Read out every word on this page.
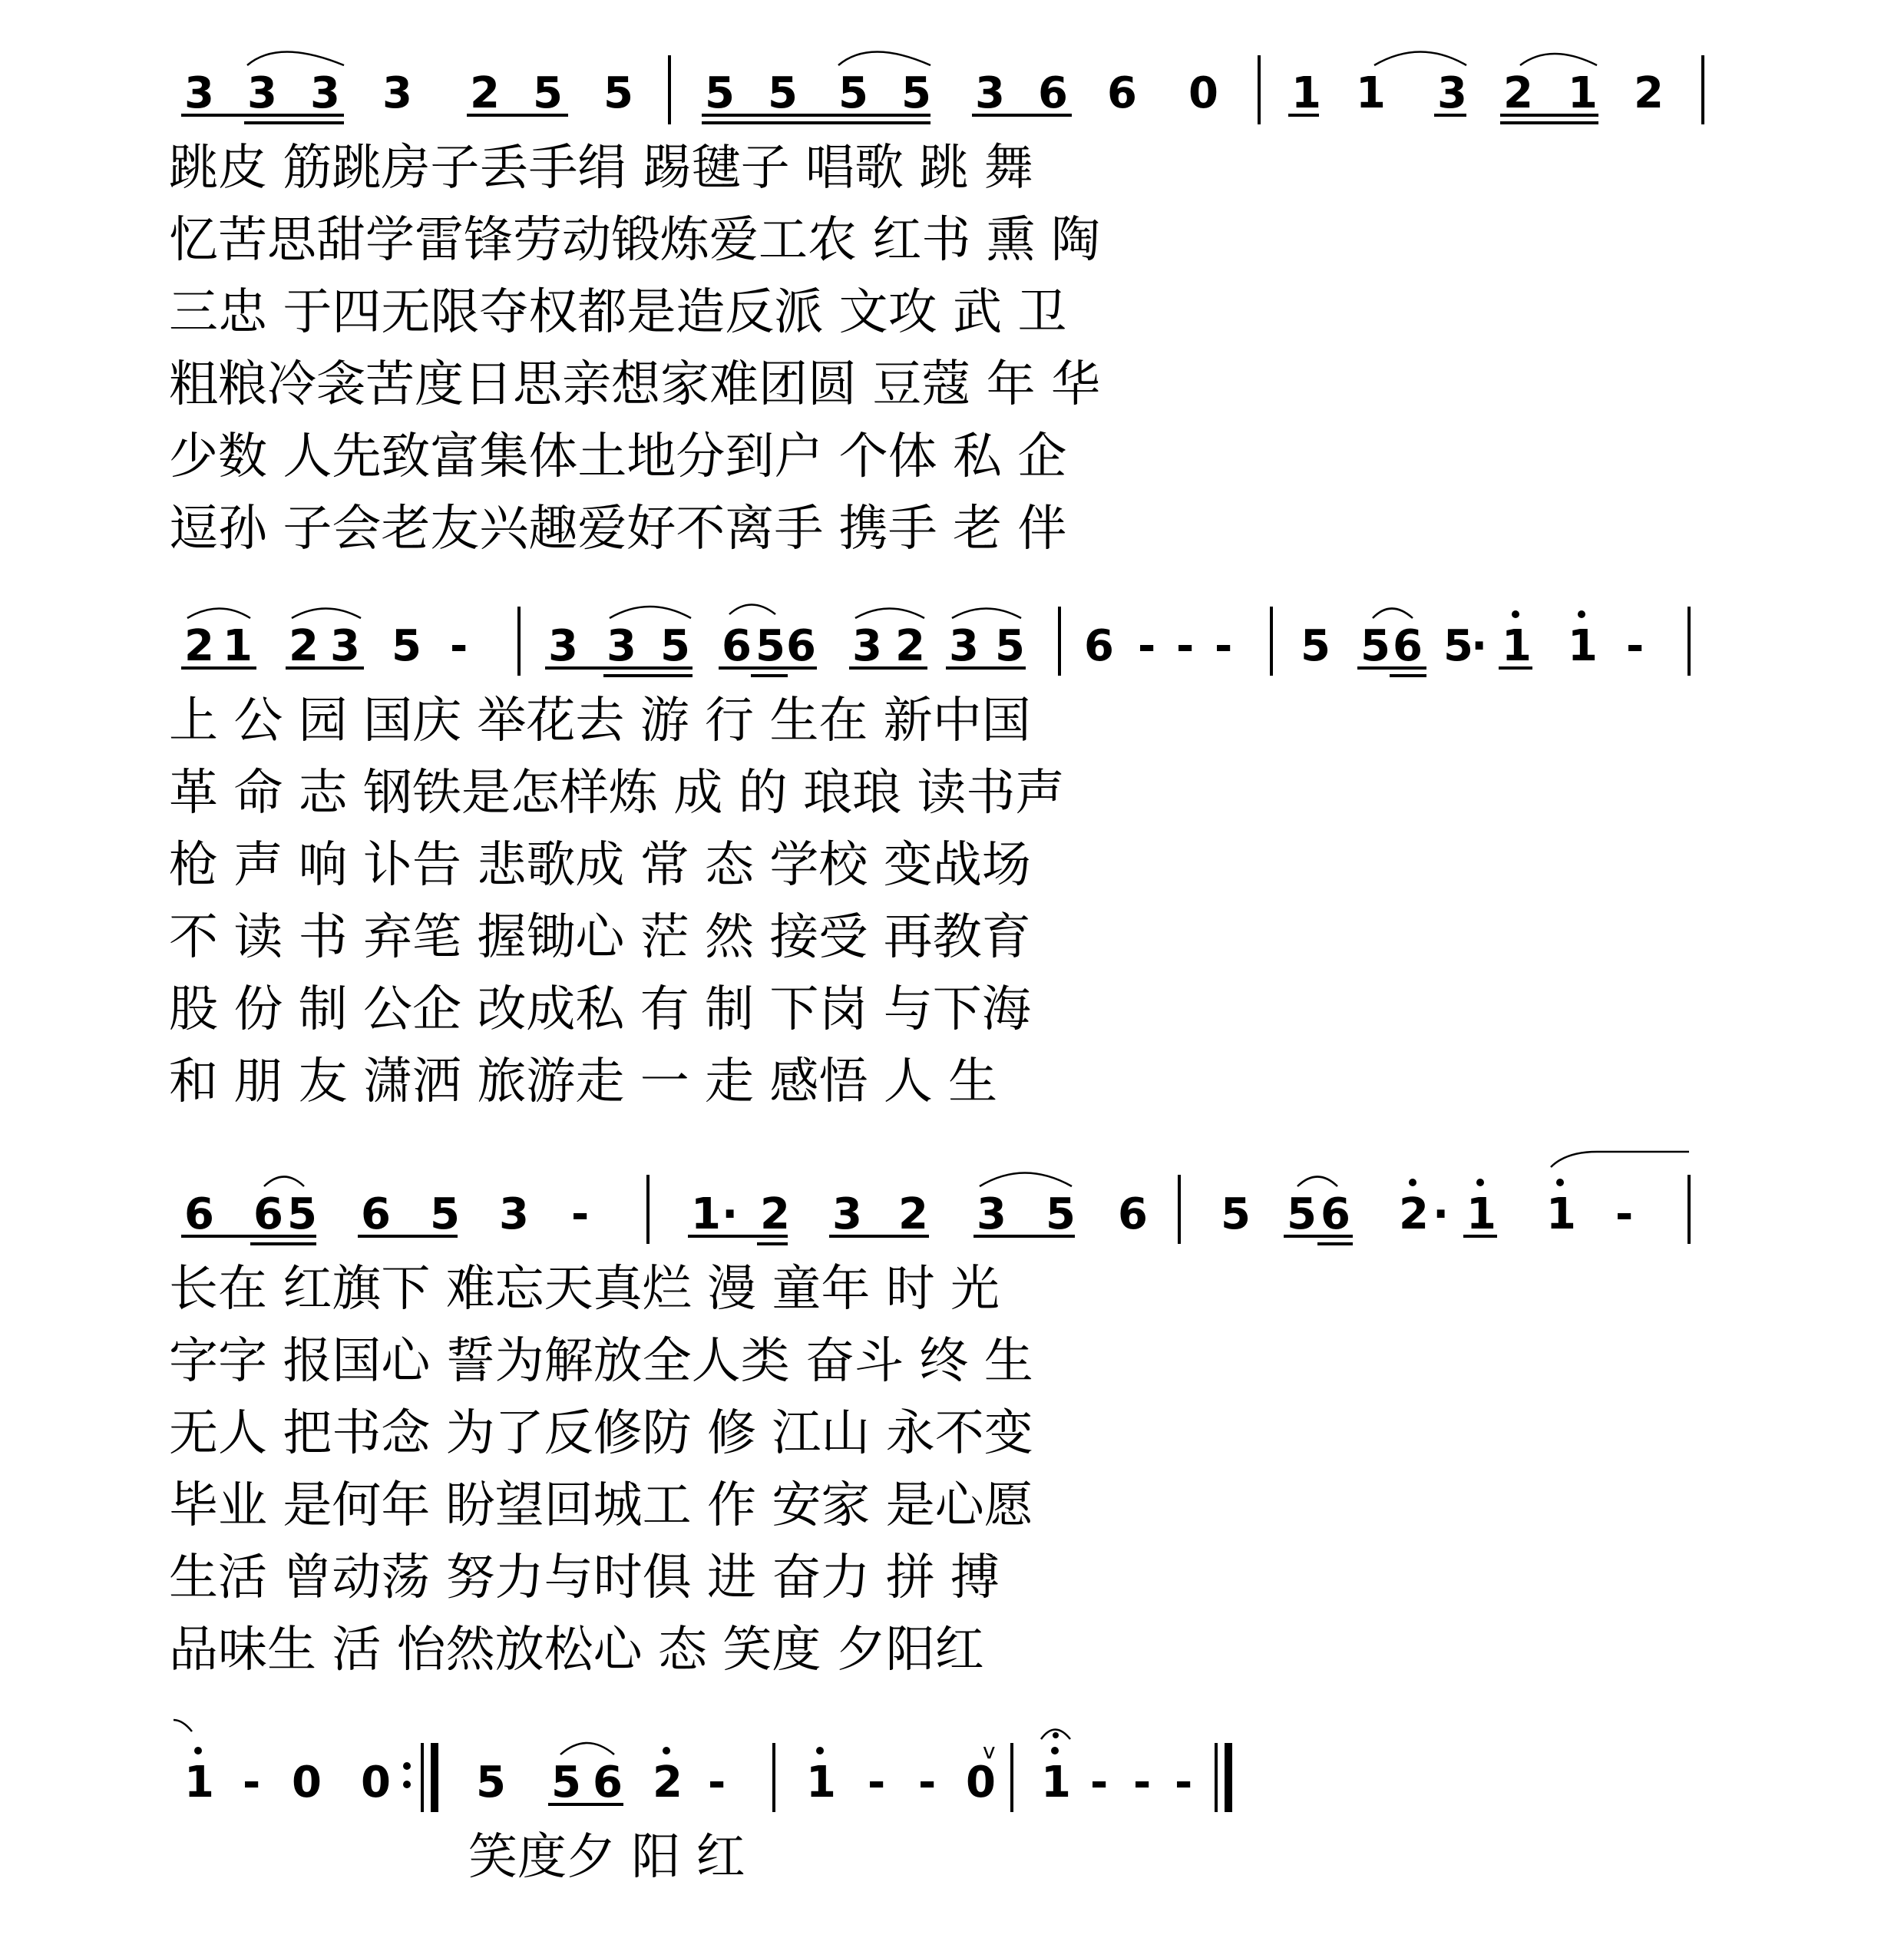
3 3 3 3 2 5 5 5 5 5 5 3 6 6 0 1 1 3 2 1 2
跳皮 筋跳房子丢手绢 踢毽子 唱歌 跳 舞
忆苦思甜学雷锋劳动锻炼爱工农 红书 熏 陶
三忠 于四无限夺权都是造反派 文攻 武 卫
粗粮冷衾苦度日思亲想家难团圆 豆蔻 年 华
少数 人先致富集体土地分到户 个体 私 企
逗孙 子会老友兴趣爱好不离手 携手 老 伴
2 1 2 3 5 - 3 3 5 6 5 6 3 2 3 5 6 - - - 5 5 6 5
· 1 1 -
上 公 园 国庆 举花去 游 行 生在 新中国
革 命 志 钢铁是怎样炼 成 的 琅琅 读书声
枪 声 响 讣告 悲歌成 常 态 学校 变战场
不 读 书 弃笔 握锄心 茫 然 接受 再教育
股 份 制 公企 改成私 有 制 下岗 与下海
和 朋 友 潇洒 旅游走 一 走 感悟 人 生
6 6 5 6 5 3 - 1 · 2 3 2 3 5 6 5 5 6 2 · 1 1 -
长在 红旗下 难忘天真烂 漫 童年 时 光
字字 报国心 誓为解放全人类 奋斗 终 生
无人 把书念 为了反修防 修 江山 永不变
毕业 是何年 盼望回城工 作 安家 是心愿
生活 曾动荡 努力与时俱 进 奋力 拼 搏
品味生 活 怡然放松心 态 笑度 夕阳红
1 - 0 0 5 5 6 2 - 1 - - 0
v
1 - - -
笑度夕 阳 红
:‖
